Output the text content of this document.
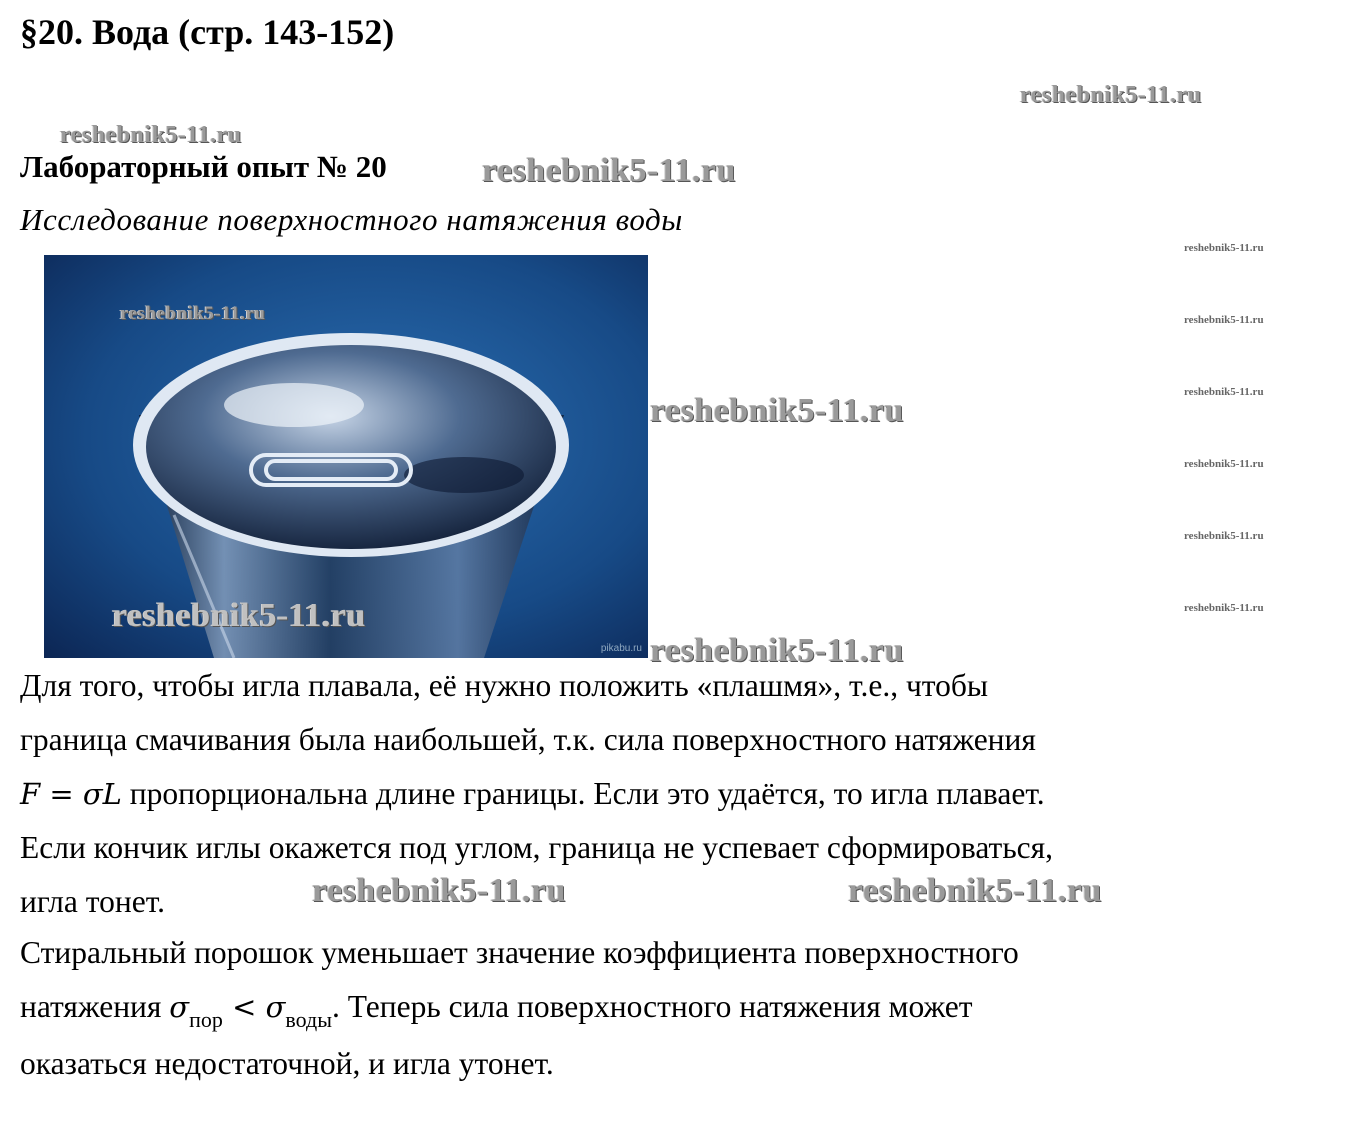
§20. Вода (стр. 143-152)
reshebnik5-11.ru
reshebnik5-11.ru
Лабораторный опыт № 20	reshebnik5-11.ru
Исследование поверхностного натяжения воды
reshebnik5-11.ru
reshebnik5-11.ru
pikabu.ru
reshebnik5-11.ru
reshebnik5-11.ru
reshebnik5-11.ru
reshebnik5-11.ru
reshebnik5-11.ru
reshebnik5-11.ru
reshebnik5-11.ru
reshebnik5-11.ru
Для того, чтобы игла плавала, её нужно положить «плашмя», т.е., чтобы
граница смачивания была наибольшей, т.к. сила поверхностного натяжения
F = σL пропорциональна длине границы. Если это удаётся, то игла плавает.
Если кончик иглы окажется под углом, граница не успевает сформироваться,
игла тонет.	reshebnik5-11.ru	reshebnik5-11.ru
Стиральный порошок уменьшает значение коэффициента поверхностного
натяжения $\sigma_{пор} < \sigma_{воды}$. Теперь сила поверхностного натяжения может
оказаться недостаточной, и игла утонет.
